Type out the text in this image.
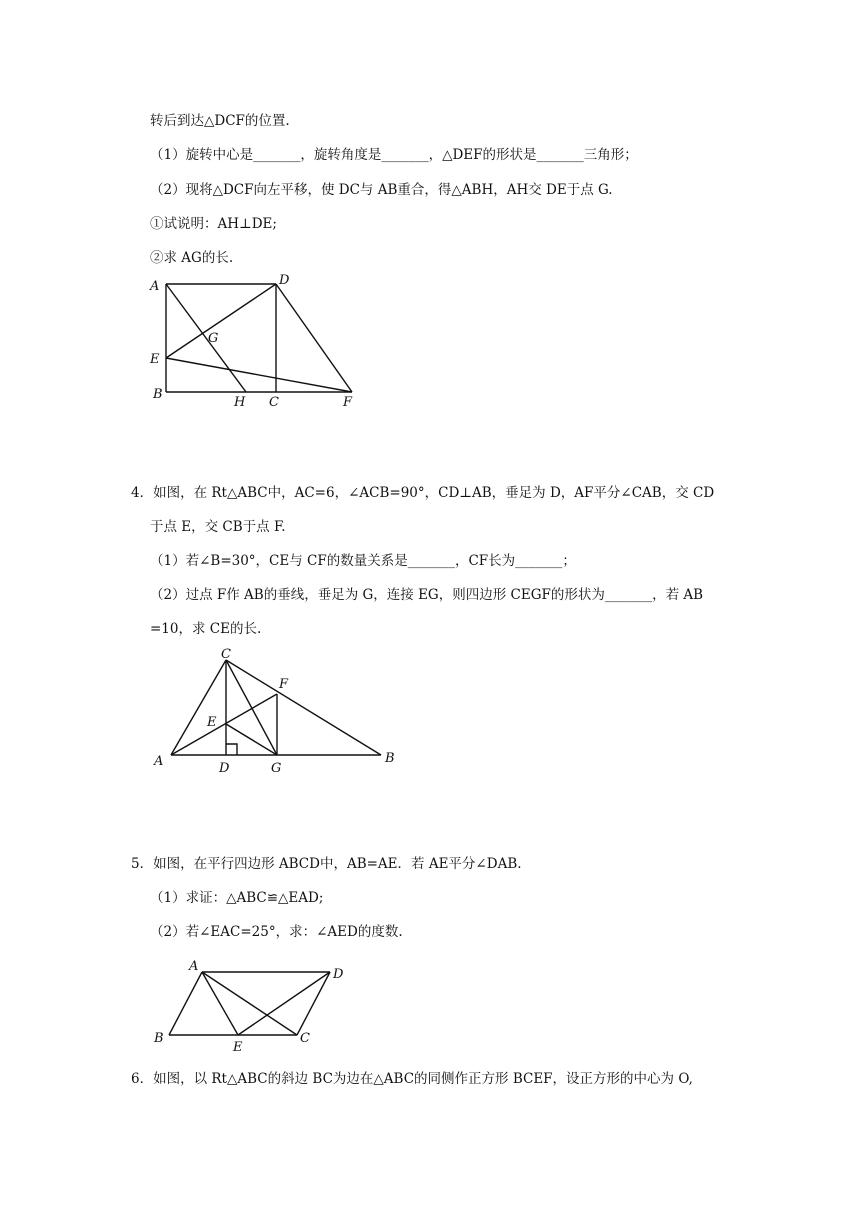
转后到达△DCF的位置.
（1）旋转中心是_______，旋转角度是_______，△DEF的形状是_______三角形；
（2）现将△DCF向左平移，使 DC与 AB重合，得△ABH，AH交 DE于点 G.
①试说明：AH⊥DE;
②求 AG的长.
A	D
G
E
B
H C	F
4．如图，在 Rt△ABC中，AC=6，∠ACB=90°，CD⊥AB，垂足为 D，AF平分∠CAB，交 CD
于点 E，交 CB于点 F.
（1）若∠B=30°，CE与 CF的数量关系是_______，CF长为_______；
（2）过点 F作 AB的垂线，垂足为 G，连接 EG，则四边形 CEGF的形状为_______，若 AB
=10，求 CE的长.
C
F
E
A	D	G
B
5．如图，在平行四边形 ABCD中，AB=AE．若 AE平分∠DAB.
（1）求证：△ABC≌△EAD;
（2）若∠EAC=25°，求：∠AED的度数.
A
D
B
E
C
6．如图，以 Rt△ABC的斜边 BC为边在△ABC的同侧作正方形 BCEF，设正方形的中心为 O,
